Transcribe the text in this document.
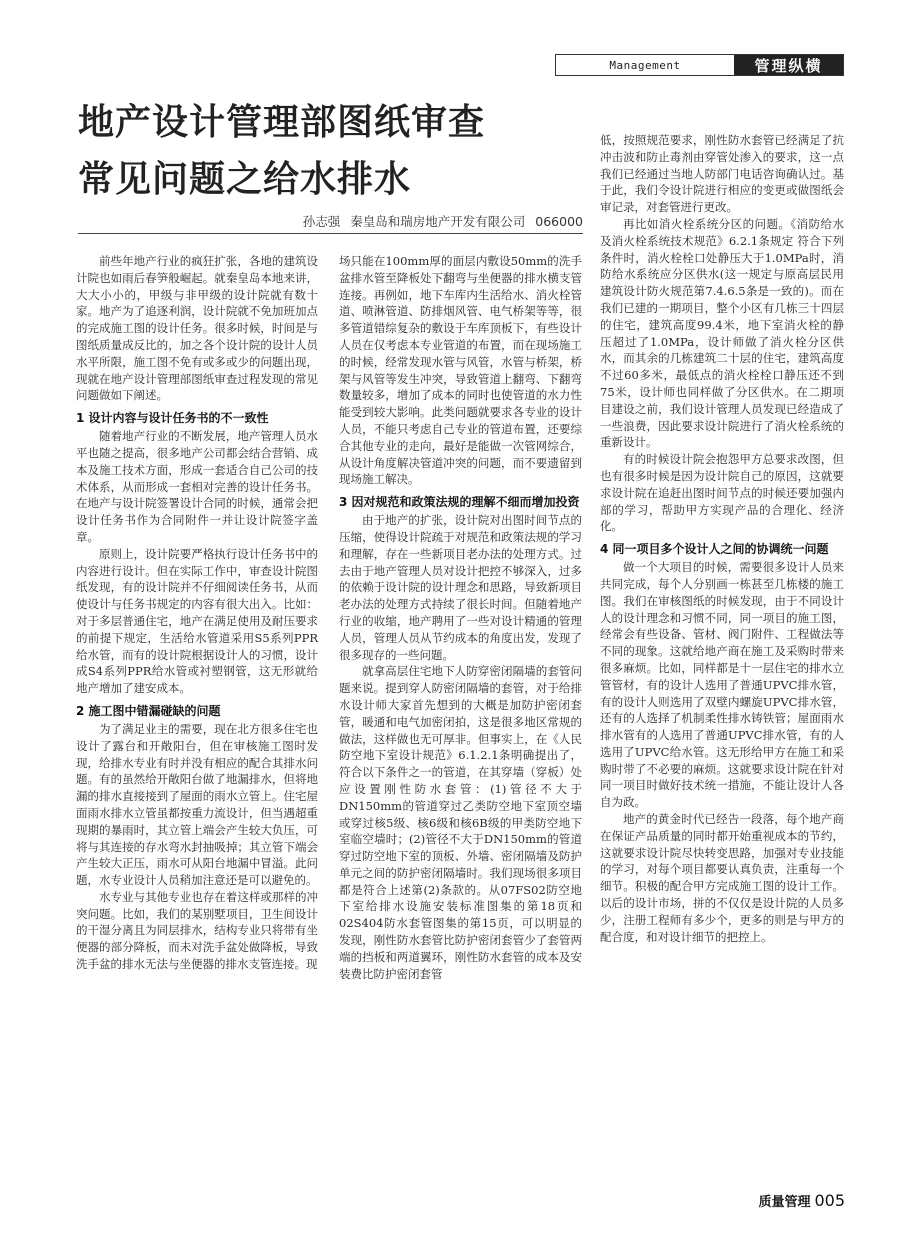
Management	管理纵横
地产设计管理部图纸审查
常见问题之给水排水
孙志强 秦皇岛和瑞房地产开发有限公司 066000

前些年地产行业的疯狂扩张，各地的建筑设计院也如雨后春笋般崛起。就秦皇岛本地来讲，大大小小的，甲级与非甲级的设计院就有数十家。地产为了追逐利润，设计院就不免加班加点的完成施工图的设计任务。很多时候，时间是与图纸质量成反比的，加之各个设计院的设计人员水平所限，施工图不免有或多或少的问题出现，现就在地产设计管理部图纸审查过程发现的常见问题做如下阐述。

1 设计内容与设计任务书的不一致性

随着地产行业的不断发展，地产管理人员水平也随之提高，很多地产公司都会结合营销、成本及施工技术方面，形成一套适合自己公司的技术体系，从而形成一套相对完善的设计任务书。在地产与设计院签署设计合同的时候，通常会把设计任务书作为合同附件一并让设计院签字盖章。

原则上，设计院要严格执行设计任务书中的内容进行设计。但在实际工作中，审查设计院图纸发现，有的设计院并不仔细阅读任务书，从而使设计与任务书规定的内容有很大出入。比如：对于多层普通住宅，地产在满足使用及耐压要求的前提下规定，生活给水管道采用S5系列PPR给水管，而有的设计院根据设计人的习惯，设计成S4系列PPR给水管或衬塑钢管，这无形就给地产增加了建安成本。

2 施工图中错漏碰缺的问题

为了满足业主的需要，现在北方很多住宅也设计了露台和开敞阳台，但在审核施工图时发现，给排水专业有时并没有相应的配合其排水问题。有的虽然给开敞阳台做了地漏排水，但将地漏的排水直接接到了屋面的雨水立管上。住宅屋面雨水排水立管虽都按重力流设计，但当遇超重现期的暴雨时，其立管上端会产生较大负压，可将与其连接的存水弯水封抽吸掉；其立管下端会产生较大正压，雨水可从阳台地漏中冒溢。此问题，水专业设计人员稍加注意还是可以避免的。

水专业与其他专业也存在着这样或那样的冲突问题。比如，我们的某别墅项目，卫生间设计的干湿分离且为同层排水，结构专业只将带有坐便器的部分降板，而未对洗手盆处做降板，导致洗手盆的排水无法与坐便器的排水支管连接。现

场只能在100mm厚的面层内敷设50mm的洗手盆排水管至降板处下翻弯与坐便器的排水横支管连接。再例如，地下车库内生活给水、消火栓管道、喷淋管道、防排烟风管、电气桥架等等，很多管道错综复杂的敷设于车库顶板下，有些设计人员在仅考虑本专业管道的布置，而在现场施工的时候，经常发现水管与风管，水管与桥架，桥架与风管等发生冲突，导致管道上翻弯、下翻弯数量较多，增加了成本的同时也使管道的水力性能受到较大影响。此类问题就要求各专业的设计人员，不能只考虑自己专业的管道布置，还要综合其他专业的走向，最好是能做一次管网综合，从设计角度解决管道冲突的问题，而不要遗留到现场施工解决。

3 因对规范和政策法规的理解不细而增加投资

由于地产的扩张，设计院对出图时间节点的压缩，使得设计院疏于对规范和政策法规的学习和理解，存在一些新项目老办法的处理方式。过去由于地产管理人员对设计把控不够深入，过多的依赖于设计院的设计理念和思路，导致新项目老办法的处理方式持续了很长时间。但随着地产行业的收缩，地产聘用了一些对设计精通的管理人员，管理人员从节约成本的角度出发，发现了很多现存的一些问题。

就拿高层住宅地下人防穿密闭隔墙的套管问题来说。提到穿人防密闭隔墙的套管，对于给排水设计师大家首先想到的大概是加防护密闭套管，暖通和电气加密闭拍，这是很多地区常规的做法，这样做也无可厚非。但事实上，在《人民防空地下室设计规范》6.1.2.1条明确提出了，符合以下条件之一的管道，在其穿墙（穿板）处应设置刚性防水套管：(1)管径不大于DN150mm的管道穿过乙类防空地下室顶空墙或穿过核5级、核6级和核6B级的甲类防空地下室临空墙时；(2)管径不大于DN150mm的管道穿过防空地下室的顶板、外墙、密闭隔墙及防护单元之间的防护密闭隔墙时。我们现场很多项目都是符合上述第(2)条款的。从07FS02防空地下室给排水设施安装标准图集的第18页和02S404防水套管图集的第15页，可以明显的发现，刚性防水套管比防护密闭套管少了套管两端的挡板和两道翼环，刚性防水套管的成本及安装费比防护密闭套管

低，按照规范要求，刚性防水套管已经满足了抗冲击波和防止毒剂由穿管处渗入的要求，这一点我们已经通过当地人防部门电话咨询确认过。基于此，我们令设计院进行相应的变更或做图纸会审记录，对套管进行更改。

再比如消火栓系统分区的问题。《消防给水及消火栓系统技术规范》6.2.1条规定 符合下列条件时，消火栓栓口处静压大于1.0MPa时，消防给水系统应分区供水(这一规定与原高层民用建筑设计防火规范第7.4.6.5条是一致的)。而在我们已建的一期项目，整个小区有几栋三十四层的住宅，建筑高度99.4米，地下室消火栓的静压超过了1.0MPa，设计师做了消火栓分区供水，而其余的几栋建筑二十层的住宅，建筑高度不过60多米，最低点的消火栓栓口静压还不到75米，设计师也同样做了分区供水。在二期项目建设之前，我们设计管理人员发现已经造成了一些浪费，因此要求设计院进行了消火栓系统的重新设计。

有的时候设计院会抱怨甲方总要求改图，但也有很多时候是因为设计院自己的原因，这就要求设计院在追赶出图时间节点的时候还要加强内部的学习，帮助甲方实现产品的合理化、经济化。

4 同一项目多个设计人之间的协调统一问题

做一个大项目的时候，需要很多设计人员来共同完成，每个人分别画一栋甚至几栋楼的施工图。我们在审核图纸的时候发现，由于不同设计人的设计理念和习惯不同，同一项目的施工图，经常会有些设备、管材、阀门附件、工程做法等不同的现象。这就给地产商在施工及采购时带来很多麻烦。比如，同样都是十一层住宅的排水立管管材，有的设计人选用了普通UPVC排水管，有的设计人则选用了双壁内螺旋UPVC排水管，还有的人选择了机制柔性排水铸铁管；屋面雨水排水管有的人选用了普通UPVC排水管，有的人选用了UPVC给水管。这无形给甲方在施工和采购时带了不必要的麻烦。这就要求设计院在针对同一项目时做好技术统一措施，不能让设计人各自为政。

地产的黄金时代已经告一段落，每个地产商在保证产品质量的同时都开始重视成本的节约，这就要求设计院尽快转变思路，加强对专业技能的学习，对每个项目都要认真负责，注重每一个细节。积极的配合甲方完成施工图的设计工作。以后的设计市场，拼的不仅仅是设计院的人员多少，注册工程师有多少个，更多的则是与甲方的配合度，和对设计细节的把控上。

质量管理 005
